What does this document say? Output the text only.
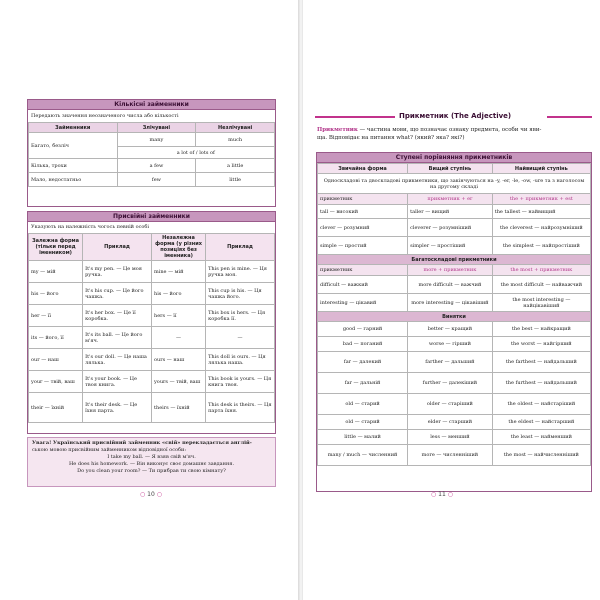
Кількісні займенники
Передають значення неозначеного числа або кількості
Займенники	Злічувані	Незлічувані
Багато, безліч	many	much
	a lot of / lots of	
Кілька, трохи	a few	a little
Мало, недостатньо	few	little
Присвійні займенники
Указують на належність чогось певній особі
Залежна форма (тільки перед іменником)	Приклад	Незалежна форма (у різних позиціях без іменника)	Приклад
my — мій	It's my pen. — Це моя ручка.	mine — мій	This pen is mine. — Ця ручка моя.
his — його	It's his cup. — Це його чашка.	his — його	This cup is his. — Ця чашка його.
her — її	It's her box. — Це її коробка.	hers — її	This box is hers. — Ця коробка її.
its — його, її	It's its ball. — Це його м'яч.	—	—
our — наш	It's our doll. — Це наша лялька.	ours — наш	This doll is ours. — Ця лялька наша.
your — твій, ваш	It's your book. — Це твоя книга.	yours — твій, ваш	This book is yours. — Ця книга твоя.
their — їхній	It's their desk. — Це їхня парта.	theirs — їхній	This desk is theirs. — Ця парта їхня.
Увага! Український присвійний займенник «свій» перекладається англій-
ською мовою присвійним займенником відповідної особи:
I take my ball. — Я взяв свій м'яч.
He does his homework. — Він виконує своє домашнє завдання.
Do you clean your room? — Ти прибрав ти свою кімнату?
○ 10 ○
Прикметник (The Adjective)
Прикметник — частина мови, що позначає ознаку предмета, особи чи яви-
ща. Відповідає на питання what? (який? яка? які?)
Ступені порівняння прикметників
Звичайна форма	Вищий ступінь	Найвищий ступінь
Односкладові та двоскладові прикметники, що закінчуються на -y, -er, -le, -ow, -ure та з наголосом на другому складі		
прикметник	прикметник + er	the + прикметник + est
tall — високий	taller — вищий	the tallest — найвищий
clever — розумний	cleverer — розумніший	the cleverest — найрозумніший
simple — простий	simpler — простіший	the simplest — найпростіший
Багатоскладові прикметники		
прикметник	more + прикметник	the most + прикметник
difficult — важкий	more difficult — важчий	the most difficult — найважчий
interesting — цікавий	more interesting — цікавіший	the most interesting — найцікавіший
Винятки		
good — гарний	better — кращий	the best — найкращий
bad — поганий	worse — гірший	the worst — найгірший
far — далекий	farther — дальший	the farthest — найдальший
far — дальній	further — далекіший	the furthest — найдальший
old — старий	older — старіший	the oldest — найстаріший
old — старий	elder — старший	the eldest — найстарший
little — малий	less — менший	the least — найменший
many / much — численний	more — численніший	the most — найчисленніший
○ 11 ○
